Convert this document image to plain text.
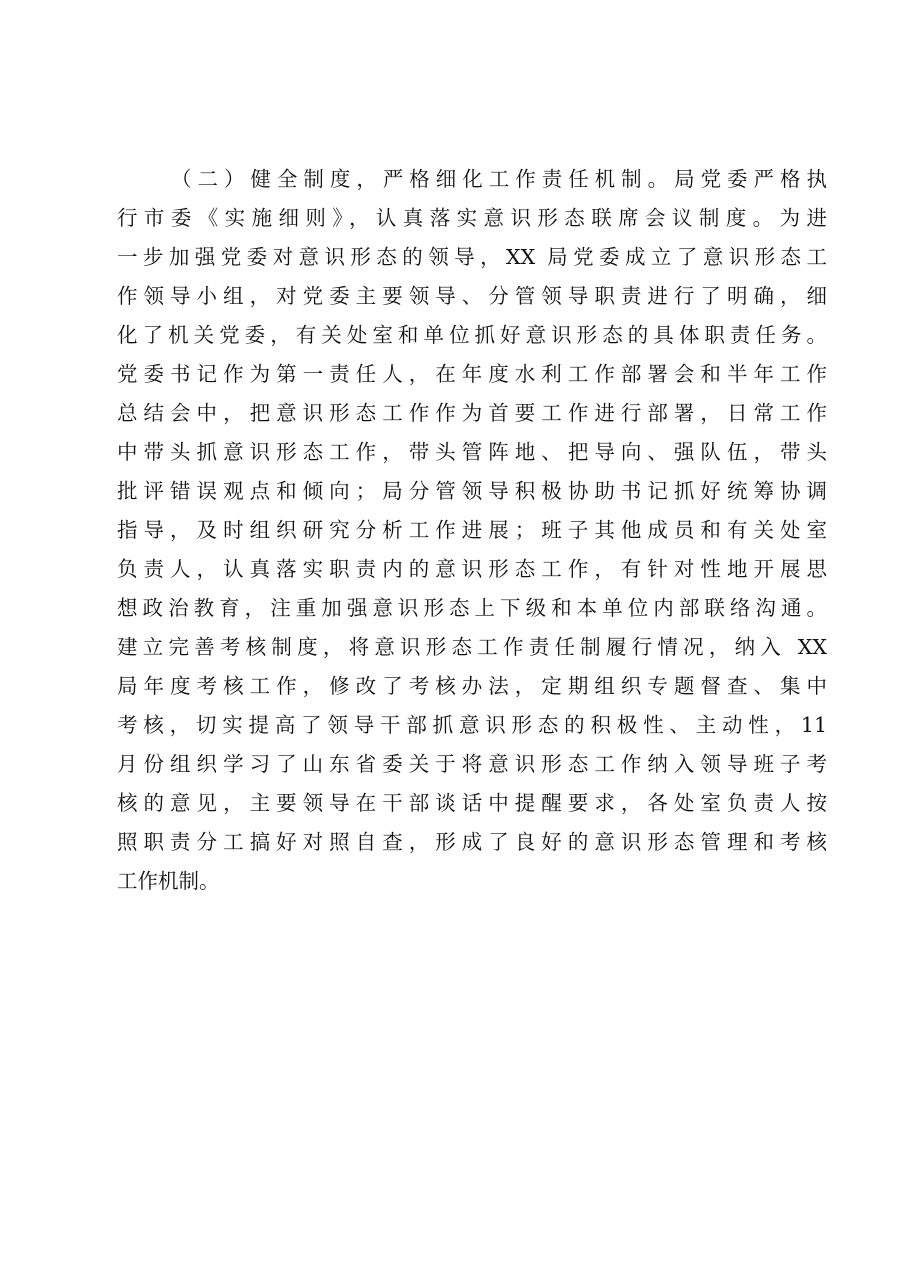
（二）健全制度，严格细化工作责任机制。局党委严格执
行市委《实施细则》，认真落实意识形态联席会议制度。为进
一步加强党委对意识形态的领导，XX 局党委成立了意识形态工
作领导小组，对党委主要领导、分管领导职责进行了明确，细
化了机关党委，有关处室和单位抓好意识形态的具体职责任务。
党委书记作为第一责任人，在年度水利工作部署会和半年工作
总结会中，把意识形态工作作为首要工作进行部署，日常工作
中带头抓意识形态工作，带头管阵地、把导向、强队伍，带头
批评错误观点和倾向；局分管领导积极协助书记抓好统筹协调
指导，及时组织研究分析工作进展；班子其他成员和有关处室
负责人，认真落实职责内的意识形态工作，有针对性地开展思
想政治教育，注重加强意识形态上下级和本单位内部联络沟通。
建立完善考核制度，将意识形态工作责任制履行情况，纳入 XX
局年度考核工作，修改了考核办法，定期组织专题督查、集中
考核，切实提高了领导干部抓意识形态的积极性、主动性，11
月份组织学习了山东省委关于将意识形态工作纳入领导班子考
核的意见，主要领导在干部谈话中提醒要求，各处室负责人按
照职责分工搞好对照自查，形成了良好的意识形态管理和考核
工作机制。
